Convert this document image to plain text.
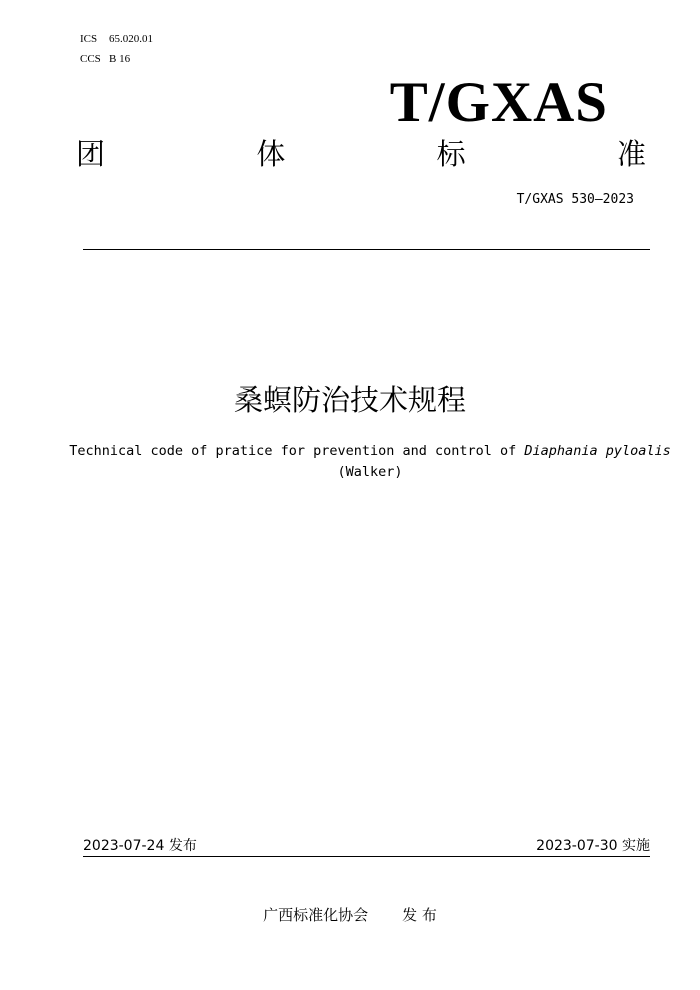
ICS 65.020.01
CCS B 16
T/GXAS
团	体	标	准
T/GXAS 530—2023
桑螟防治技术规程
Technical code of pratice for prevention and control of Diaphania pyloalis (Walker)
2023-07-24 发布	2023-07-30 实施
广西标准化协会 发 布
